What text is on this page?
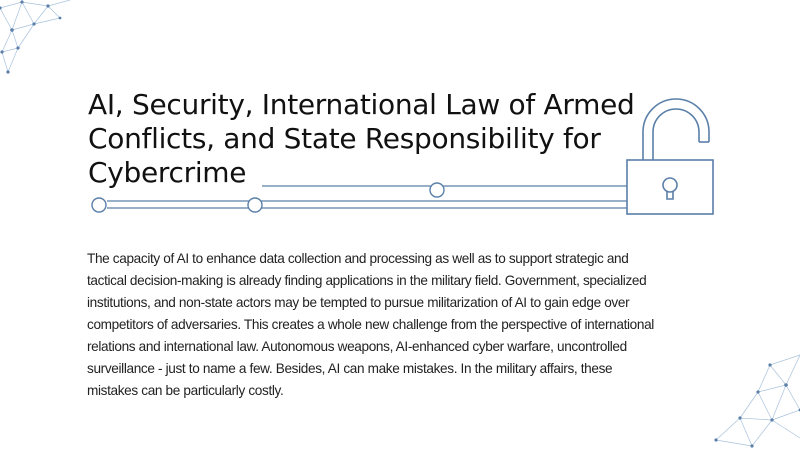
AI, Security, International Law of Armed Conflicts, and State Responsibility for Cybercrime

The capacity of AI to enhance data collection and processing as well as to support strategic and tactical decision-making is already finding applications in the military field. Government, specialized institutions, and non-state actors may be tempted to pursue militarization of AI to gain edge over competitors of adversaries. This creates a whole new challenge from the perspective of international relations and international law. Autonomous weapons, AI-enhanced cyber warfare, uncontrolled surveillance - just to name a few. Besides, AI can make mistakes. In the military affairs, these mistakes can be particularly costly.
